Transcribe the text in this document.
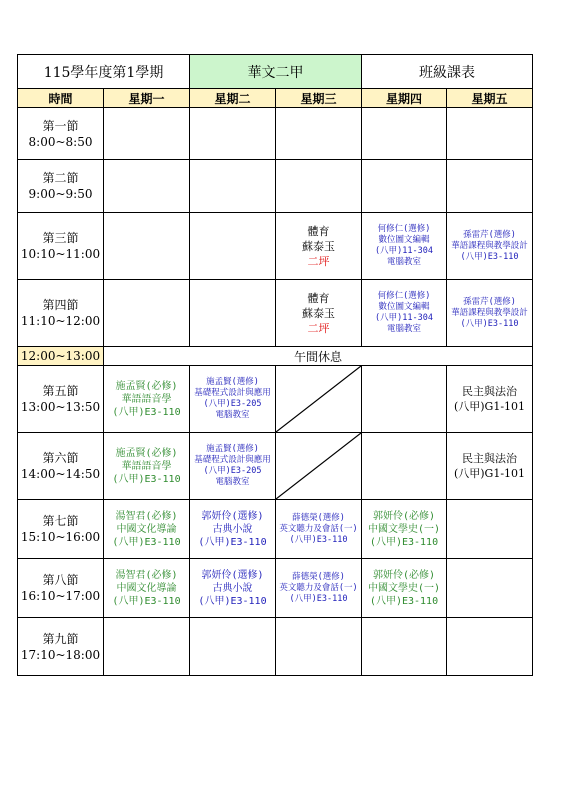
115學年度第1學期		華文二甲		班級課表	
時間	星期一	星期二	星期三	星期四	星期五

第一節
8:00~8:50					

第二節
9:00~9:50					

第三節
10:10~11:00			體育
蘇泰玉
二坪	何修仁(選修)
數位圖文編輯
(八甲)11-304
電腦教室	孫雷芹(選修)
華語課程與教學設計
(八甲)E3-110

第四節
11:10~12:00			體育
蘇泰玉
二坪	何修仁(選修)
數位圖文編輯
(八甲)11-304
電腦教室	孫雷芹(選修)
華語課程與教學設計
(八甲)E3-110

12:00~13:00	午間休息				

第五節
13:00~13:50	施孟賢(必修)
華語語音學
(八甲)E3-110	施孟賢(選修)
基礎程式設計與應用
(八甲)E3-205
電腦教室			民主與法治
(八甲)G1-101

第六節
14:00~14:50	施孟賢(必修)
華語語音學
(八甲)E3-110	施孟賢(選修)
基礎程式設計與應用
(八甲)E3-205
電腦教室			民主與法治
(八甲)G1-101

第七節
15:10~16:00	湯智君(必修)
中國文化導論
(八甲)E3-110	郭妍伶(選修)
古典小說
(八甲)E3-110	薛德榮(選修)
英文聽力及會話(一)
(八甲)E3-110	郭妍伶(必修)
中國文學史(一)
(八甲)E3-110	

第八節
16:10~17:00	湯智君(必修)
中國文化導論
(八甲)E3-110	郭妍伶(選修)
古典小說
(八甲)E3-110	薛德榮(選修)
英文聽力及會話(一)
(八甲)E3-110	郭妍伶(必修)
中國文學史(一)
(八甲)E3-110	

第九節
17:10~18:00					
